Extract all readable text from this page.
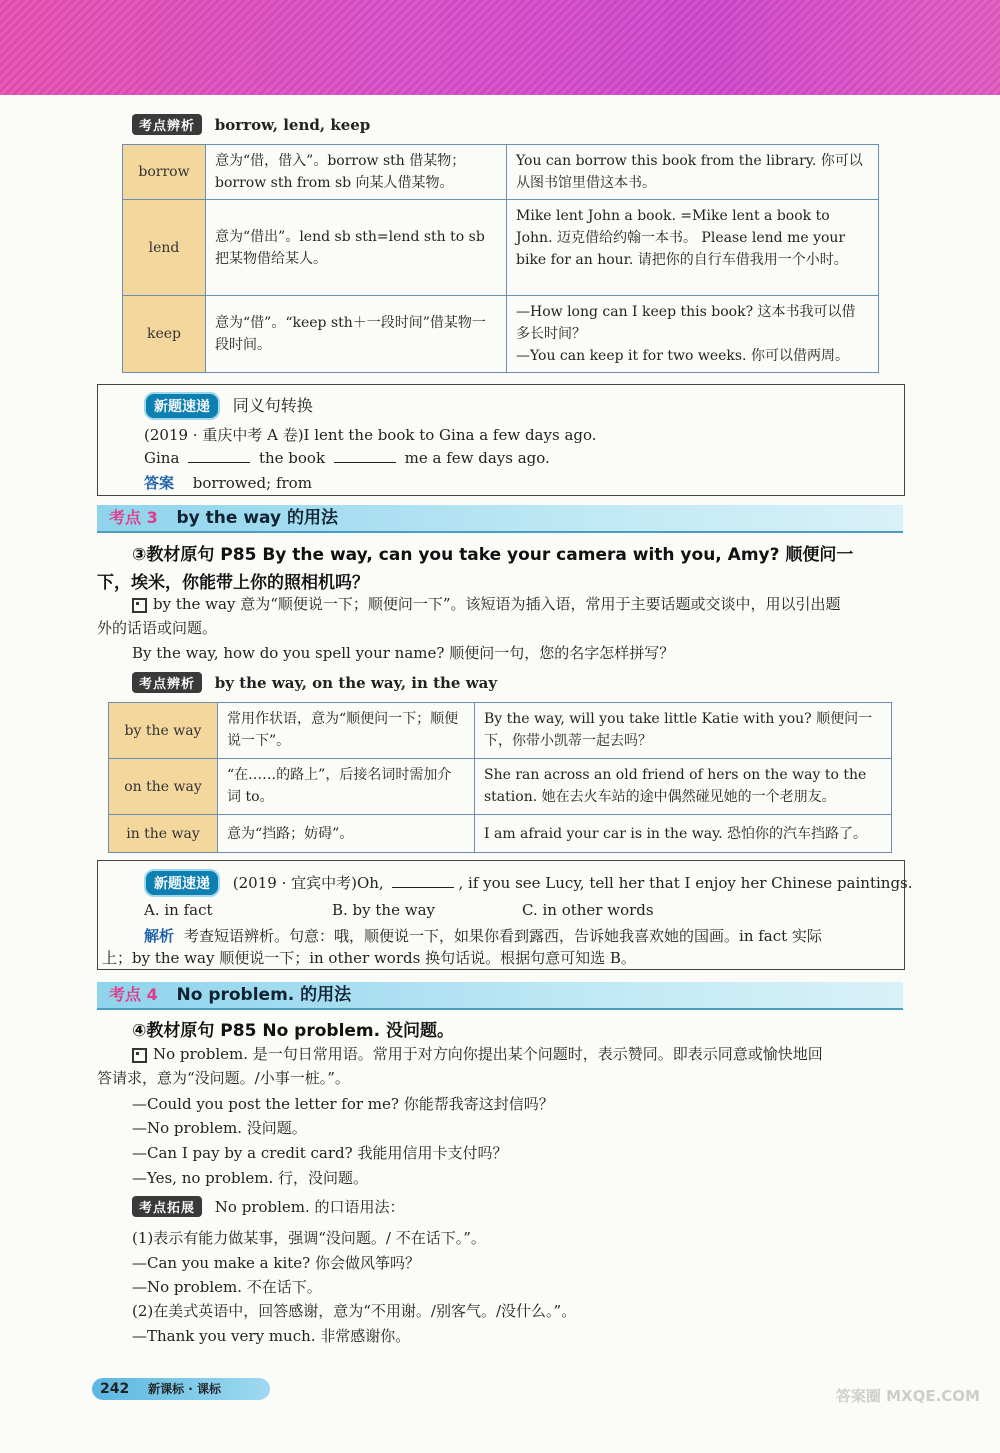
考点辨析 borrow, lend, keep
borrow	意为“借，借入”。borrow sth 借某物；borrow sth from sb 向某人借某物。	You can borrow this book from the library. 你可以从图书馆里借这本书。
lend	意为“借出”。lend sb sth=lend sth to sb 把某物借给某人。	Mike lent John a book. =Mike lent a book to John. 迈克借给约翰一本书。 Please lend me your bike for an hour. 请把你的自行车借我用一个小时。
keep	意为“借”。“keep sth＋一段时间”借某物一段时间。	—How long can I keep this book? 这本书我可以借多长时间？
—You can keep it for two weeks. 你可以借两周。
新题速递 同义句转换
(2019 · 重庆中考 A 卷)I lent the book to Gina a few days ago.
Gina	the book	me a few days ago.
答案 borrowed; from
考点 3 by the way 的用法
③教材原句 P85 By the way, can you take your camera with you, Amy? 顺便问一
下，埃米，你能带上你的照相机吗？
by the way 意为“顺便说一下；顺便问一下”。该短语为插入语，常用于主要话题或交谈中，用以引出题
外的话语或问题。
By the way, how do you spell your name? 顺便问一句，您的名字怎样拼写？
考点辨析 by the way, on the way, in the way
by the way	常用作状语，意为“顺便问一下；顺便说一下”。	By the way, will you take little Katie with you? 顺便问一下，你带小凯蒂一起去吗？
on the way	“在……的路上”，后接名词时需加介词 to。	She ran across an old friend of hers on the way to the station. 她在去火车站的途中偶然碰见她的一个老朋友。
in the way	意为“挡路；妨碍”。	I am afraid your car is in the way. 恐怕你的汽车挡路了。
新题速递 (2019 · 宜宾中考)Oh,	, if you see Lucy, tell her that I enjoy her Chinese paintings.
A. in fact	B. by the way	C. in other words
解析 考查短语辨析。句意：哦，顺便说一下，如果你看到露西，告诉她我喜欢她的国画。in fact 实际
上；by the way 顺便说一下；in other words 换句话说。根据句意可知选 B。
考点 4 No problem. 的用法
④教材原句 P85 No problem. 没问题。
No problem. 是一句日常用语。常用于对方向你提出某个问题时，表示赞同。即表示同意或愉快地回
答请求，意为“没问题。/小事一桩。”。
—Could you post the letter for me? 你能帮我寄这封信吗？
—No problem. 没问题。
—Can I pay by a credit card? 我能用信用卡支付吗？
—Yes, no problem. 行，没问题。
考点拓展 No problem. 的口语用法：
(1)表示有能力做某事，强调“没问题。/ 不在话下。”。
—Can you make a kite? 你会做风筝吗？
—No problem. 不在话下。
(2)在美式英语中，回答感谢，意为“不用谢。/别客气。/没什么。”。
—Thank you very much. 非常感谢你。
242 新课标 · 课标	答案圈 MXQE.COM
